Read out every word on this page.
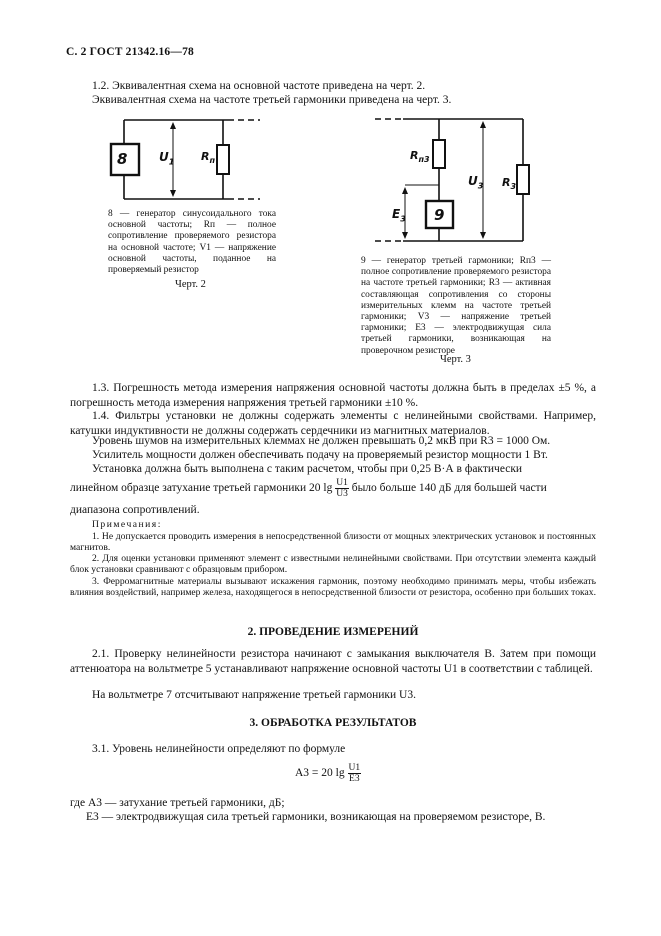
С. 2 ГОСТ 21342.16—78
1.2. Эквивалентная схема на основной частоте приведена на черт. 2.
Эквивалентная схема на частоте третьей гармоники приведена на черт. 3.
8	$U_1$ $R_п$
8 — генератор синусоидального тока основной частоты; Rп — полное сопротивление проверяемого резистора на основной частоте; V1 — напряжение основной частоты, поданное на проверяемый резистор
Черт. 2
$R_{п3}$
$E_3$ 9
$U_3$ $R_3$
9 — генератор третьей гармоники; Rп3 — полное сопротивление проверяемого резистора на частоте третьей гармоники; R3 — активная составляющая сопротивления со стороны измерительных клемм на частоте третьей гармоники; V3 — напряжение третьей гармоники; E3 — электродвижущая сила третьей гармоники, возникающая на проверочном резисторе
Черт. 3
1.3. Погрешность метода измерения напряжения основной частоты должна быть в пределах ±5 %, а погрешность метода измерения напряжения третьей гармоники ±10 %.
1.4. Фильтры установки не должны содержать элементы с нелинейными свойствами. Например, катушки индуктивности не должны содержать сердечники из магнитных материалов.
Уровень шумов на измерительных клеммах не должен превышать 0,2 мкВ при R3 = 1000 Ом.
Усилитель мощности должен обеспечивать подачу на проверяемый резистор мощности 1 Вт.
Установка должна быть выполнена с таким расчетом, чтобы при 0,25 В·А в фактически
линейном образце затухание третьей гармоники 20 $\lg \frac{U1}{U3}$ было больше 140 дБ для большей части
диапазона сопротивлений.
Примечания:
1. Не допускается проводить измерения в непосредственной близости от мощных электрических установок и постоянных магнитов.
2. Для оценки установки применяют элемент с известными нелинейными свойствами. При отсутствии элемента каждый блок установки сравнивают с образцовым прибором.
3. Ферромагнитные материалы вызывают искажения гармоник, поэтому необходимо принимать меры, чтобы избежать влияния воздействий, например железа, находящегося в непосредственной близости от резистора, особенно при больших токах.
2. ПРОВЕДЕНИЕ ИЗМЕРЕНИЙ
2.1. Проверку нелинейности резистора начинают с замыкания выключателя В. Затем при помощи аттенюатора на вольтметре 5 устанавливают напряжение основной частоты U1 в соответствии с таблицей.
На вольтметре 7 отсчитывают напряжение третьей гармоники U3.
3. ОБРАБОТКА РЕЗУЛЬТАТОВ
3.1. Уровень нелинейности определяют по формуле
A3 = 20 $\lg \frac{U1}{E3}$
где A3 — затухание третьей гармоники, дБ;
E3 — электродвижущая сила третьей гармоники, возникающая на проверяемом резисторе, В.
